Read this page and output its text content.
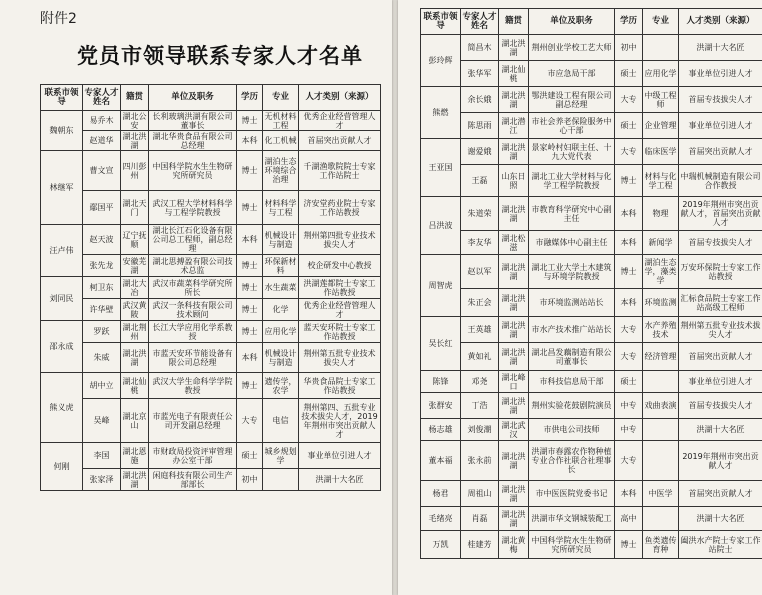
附件2
党员市领导联系专家人才名单
联系市领导	专家人才姓名	籍贯	单位及职务	学历	专业	人才类别（来源）
魏朝东	易乔木	湖北公安	长利玻璃洪湖有限公司董事长	博士	无机材料工程	优秀企业经营管理人才
	赵道华	湖北洪湖	湖北华贵食品有限公司总经理	本科	化工机械	首届突出贡献人才
林继军	曹文宣	四川彭州	中国科学院水生生物研究所研究员	博士	湖泊生态环境综合治理	千湖渔歌院院士专家工作站院士
	鄢国平	湖北天门	武汉工程大学材料科学与工程学院教授	博士	材料科学与工程	济安堂药业院士专家工作站教授
汪卢伟	赵天波	辽宁抚顺	湖北长江石化设备有限公司总工程师，副总经理	本科	机械设计与制造	荆州第四批专业技术拔尖人才
	张先龙	安徽芜湖	湖北思搏盈有限公司技术总监	博士	环保新材料	校企研发中心教授
刘同民	柯卫东	湖北大冶	武汉市蔬菜科学研究所所长	博士	水生蔬菜	洪湖莲都院士专家工作站教授
	许华壁	武汉黄陂	武汉一条科技有限公司技术顾问	博士	化学	优秀企业经营管理人才
邵永成	罗跃	湖北荆州	长江大学应用化学系教授	博士	应用化学	蓝天安环院士专家工作站教授
	朱威	湖北洪湖	市蓝天安环节能设备有限公司总经理	本科	机械设计与制造	荆州第五批专业技术拔尖人才
熊义虎	胡中立	湖北仙桃	武汉大学生命科学学院教授	博士	遗传学，农学	华贵食品院士专家工作站教授
	吴峰	湖北京山	市蓝光电子有限责任公司开发副总经理	大专	电信	荆州第四、五批专业技术拔尖人才，2019年荆州市突出贡献人才
何刚	李国	湖北恩施	市财政局投资评审管理办公室干部	硕士	城乡规划学	事业单位引进人才
	张家泽	湖北洪湖	闲庭科技有限公司生产部部长	初中		洪湖十大名匠
联系市领导	专家人才姓名	籍贯	单位及职务	学历	专业	人才类别（来源）
彭玲辉	简昌木	湖北洪湖	荆州创业学校工艺大师	初中		洪湖十大名匠
	张华军	湖北仙桃	市应急局干部	硕士	应用化学	事业单位引进人才
熊燃	余长娥	湖北洪湖	鄂洪建设工程有限公司副总经理	大专	中级工程师	首届专技拔尖人才
	陈思雨	湖北潜江	市社会养老保险服务中心干部	硕士	企业管理	事业单位引进人才
王亚国	谢爱娥	湖北洪湖	景家岭村妇联主任、十九大党代表	大专	临床医学	首届突出贡献人才
	王磊	山东日照	湖北工业大学材料与化学工程学院教授	博士	材料与化学工程	中瑞机械制造有限公司合作教授
吕洪波	朱道荣	湖北洪湖	市教育科学研究中心副主任	本科	物理	2019年荆州市突出贡献人才，首届突出贡献人才
	李友华	湖北松滋	市融媒体中心副主任	本科	新闻学	首届专技拔尖人才
周智虎	赵以军	湖北洪湖	湖北工业大学土木建筑与环境学院教授	博士	湖泊生态学，藻类学	万安环保院士专家工作站教授
	朱正会	湖北洪湖	市环境监测站站长	本科	环境监测	汇标食品院士专家工作站高级工程师
吴长红	王英雄	湖北洪湖	市水产技术推广站站长	大专	水产养殖技术	荆州第五批专业技术拔尖人才
	黄如礼	湖北洪湖	湖北昌发藕制造有限公司董事长	大专	经济管理	首届突出贡献人才
陈锋	邓尧	湖北峰口	市科技信息局干部	硕士		事业单位引进人才
张群安	丁浩	湖北洪湖	荆州实验花鼓剧院演员	中专	戏曲表演	首届专技拔尖人才
杨志雄	刘俊潮	湖北武汉	市供电公司技师	中专		洪湖十大名匠
董本福	张永前	湖北洪湖	洪湖市春露农作物种植专业合作社联合社理事长	大专		2019年荆州市突出贡献人才
杨君	周祖山	湖北洪湖	市中医医院党委书记	本科	中医学	首届突出贡献人才
毛绪亮	肖磊	湖北洪湖	洪湖市华文钢城装配工	高中		洪湖十大名匠
万凯	桂建芳	湖北黄梅	中国科学院水生生物研究所研究员	博士	鱼类遗传育种	阖洪水产院士专家工作站院士
